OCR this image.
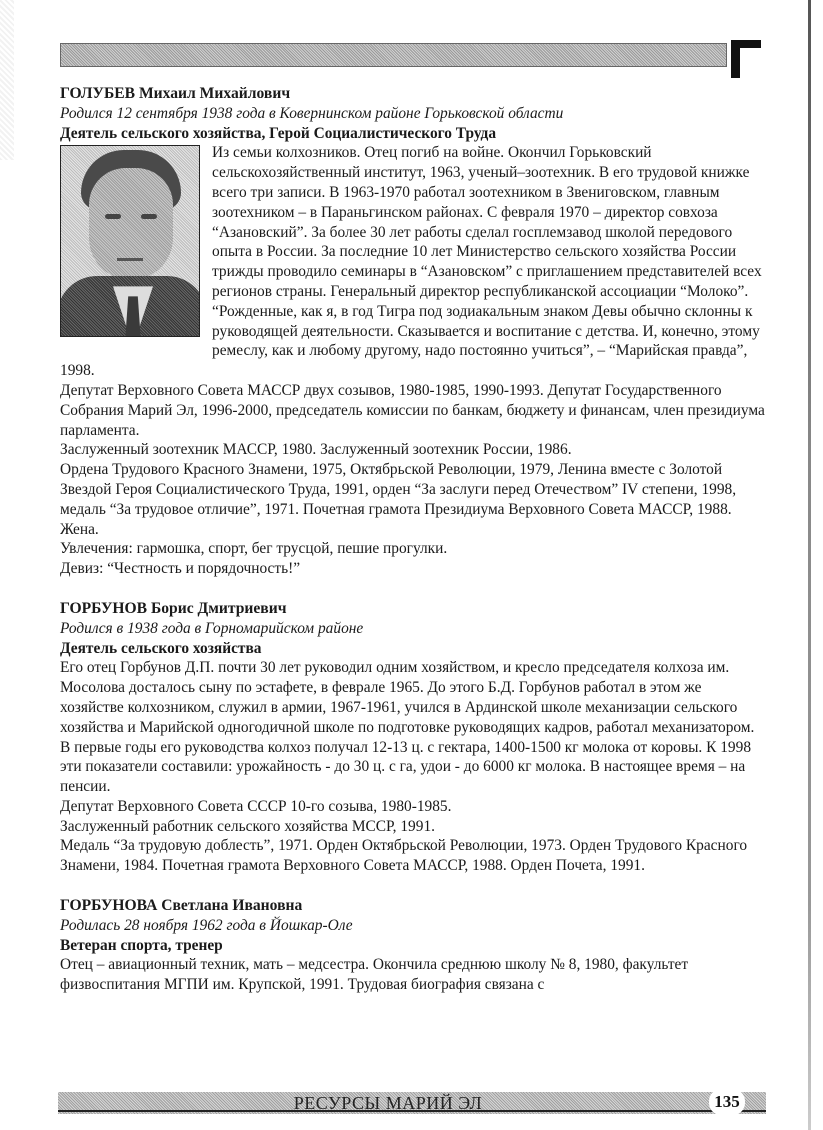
ГОЛУБЕВ Михаил Михайлович

Родился 12 сентября 1938 года в Ковернинском районе Горьковской области

Деятель сельского хозяйства, Герой Социалистического Труда

Из семьи колхозников. Отец погиб на войне. Окончил Горьковский сельскохозяйственный институт, 1963, ученый–зоотехник. В его трудовой книжке всего три записи. В 1963-1970 работал зоотехником в Звениговском, главным зоотехником – в Параньгинском районах. С февраля 1970 – директор совхоза “Азановский”. За более 30 лет работы сделал госплемзавод школой передового опыта в России. За последние 10 лет Министерство сельского хозяйства России трижды проводило семинары в “Азановском” с приглашением представителей всех регионов страны. Генеральный директор республиканской ассоциации “Молоко”. “Рожденные, как я, в год Тигра под зодиакальным знаком Девы обычно склонны к руководящей деятельности. Сказывается и воспитание с детства. И, конечно, этому ремеслу, как и любому другому, надо постоянно учиться”, – “Марийская правда”, 1998.

Депутат Верховного Совета МАССР двух созывов, 1980-1985, 1990-1993. Депутат Государственного Собрания Марий Эл, 1996-2000, председатель комиссии по банкам, бюджету и финансам, член президиума парламента.

Заслуженный зоотехник МАССР, 1980. Заслуженный зоотехник России, 1986.

Ордена Трудового Красного Знамени, 1975, Октябрьской Революции, 1979, Ленина вместе с Золотой Звездой Героя Социалистического Труда, 1991, орден “За заслуги перед Отечеством” IV степени, 1998, медаль “За трудовое отличие”, 1971. Почетная грамота Президиума Верховного Совета МАССР, 1988.

Жена.

Увлечения: гармошка, спорт, бег трусцой, пешие прогулки.

Девиз: “Честность и порядочность!”

ГОРБУНОВ Борис Дмитриевич

Родился в 1938 года в Горномарийском районе

Деятель сельского хозяйства

Его отец Горбунов Д.П. почти 30 лет руководил одним хозяйством, и кресло председателя колхоза им. Мосолова досталось сыну по эстафете, в феврале 1965. До этого Б.Д. Горбунов работал в этом же хозяйстве колхозником, служил в армии, 1967-1961, учился в Ардинской школе механизации сельского хозяйства и Марийской одногодичной школе по подготовке руководящих кадров, работал механизатором. В первые годы его руководства колхоз получал 12-13 ц. с гектара, 1400-1500 кг молока от коровы. К 1998 эти показатели составили: урожайность - до 30 ц. с га, удои - до 6000 кг молока. В настоящее время – на пенсии.

Депутат Верховного Совета СССР 10-го созыва, 1980-1985.

Заслуженный работник сельского хозяйства МССР, 1991.

Медаль “За трудовую доблесть”, 1971. Орден Октябрьской Революции, 1973. Орден Трудового Красного Знамени, 1984. Почетная грамота Верховного Совета МАССР, 1988. Орден Почета, 1991.

ГОРБУНОВА Светлана Ивановна

Родилась 28 ноября 1962 года в Йошкар-Оле

Ветеран спорта, тренер

Отец – авиационный техник, мать – медсестра. Окончила среднюю школу № 8, 1980, факультет физвоспитания МГПИ им. Крупской, 1991. Трудовая биография связана с

РЕСУРСЫ МАРИЙ ЭЛ	135
